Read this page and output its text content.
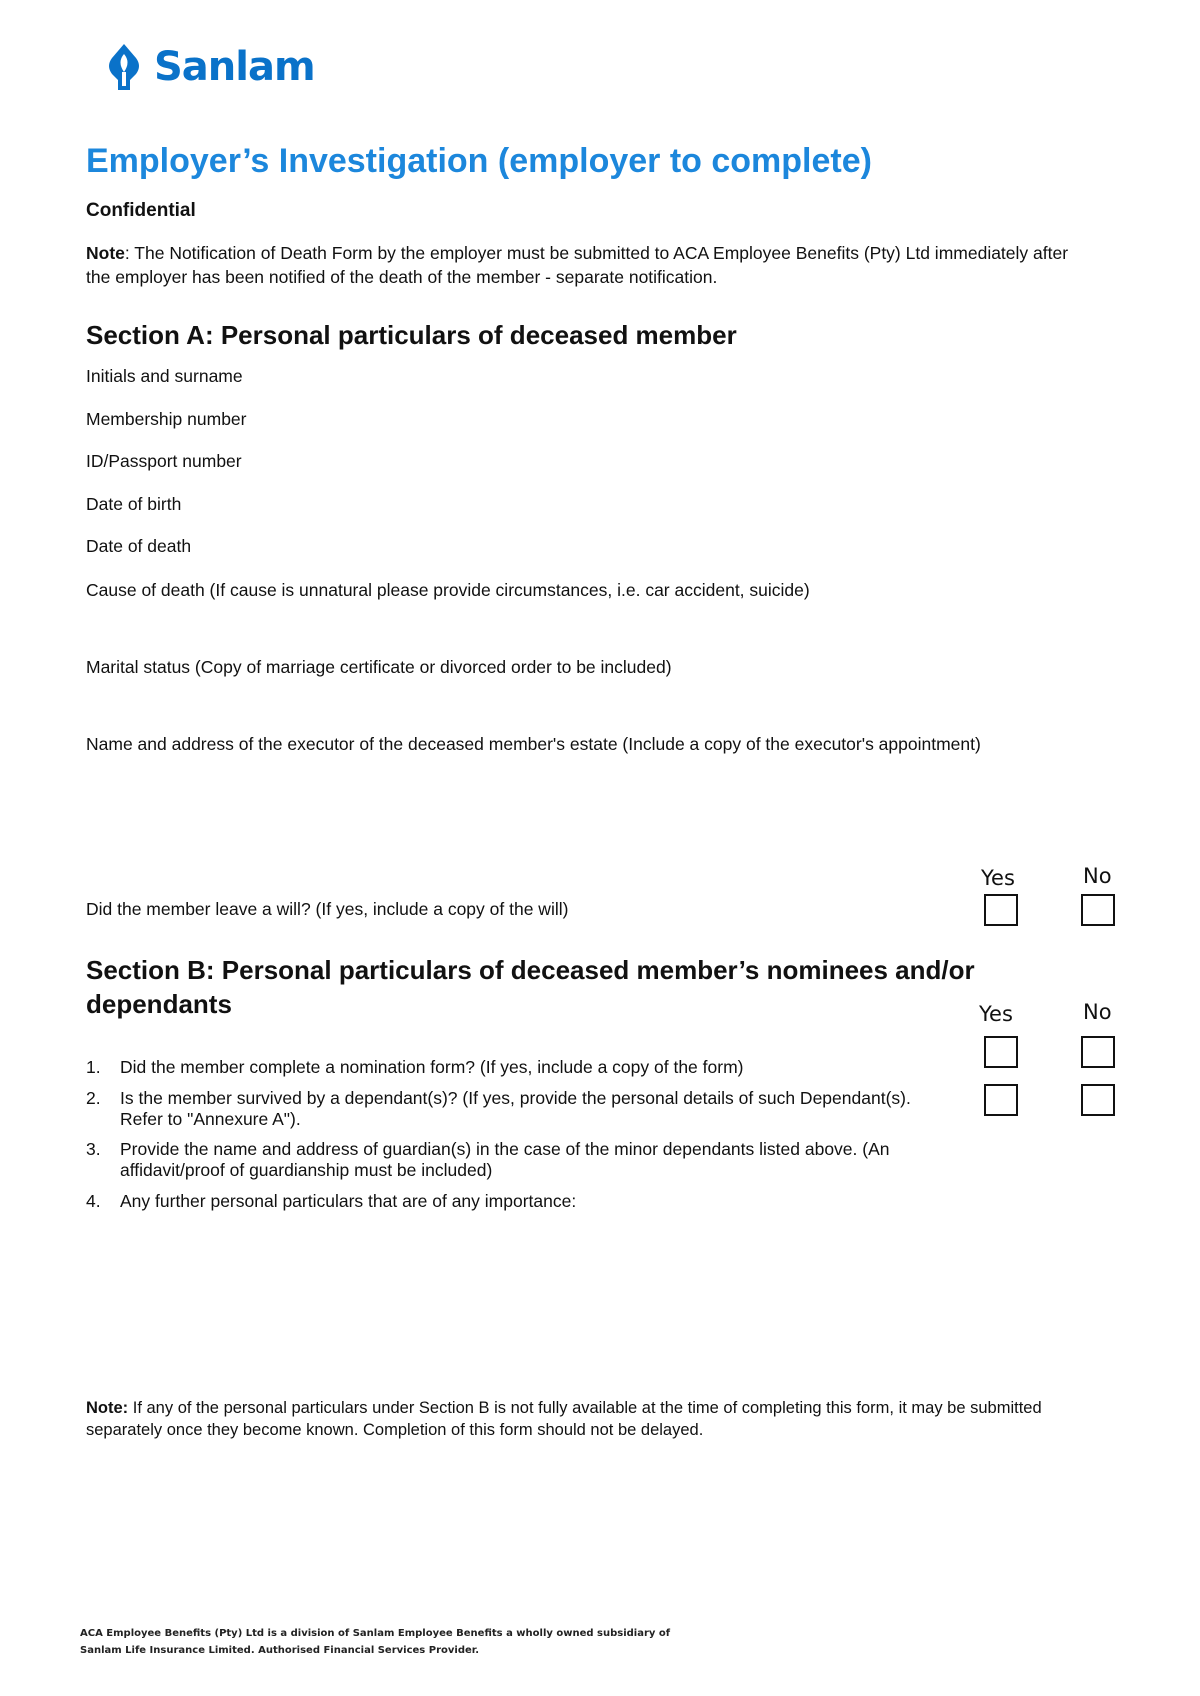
Sanlam
Employer’s Investigation (employer to complete)
Confidential
Note: The Notification of Death Form by the employer must be submitted to ACA Employee Benefits (Pty) Ltd immediately after the employer has been notified of the death of the member - separate notification.
Section A: Personal particulars of deceased member
Initials and surname
Membership number
ID/Passport number
Date of birth
Date of death
Cause of death (If cause is unnatural please provide circumstances, i.e. car accident, suicide)
Marital status (Copy of marriage certificate or divorced order to be included)
Name and address of the executor of the deceased member's estate (Include a copy of the executor's appointment)
Yes	No
Did the member leave a will? (If yes, include a copy of the will)
Section B: Personal particulars of deceased member’s nominees and/or dependants	Yes	No
1.	Did the member complete a nomination form? (If yes, include a copy of the form)
2.	Is the member survived by a dependant(s)? (If yes, provide the personal details of such Dependant(s). Refer to "Annexure A").
3.	Provide the name and address of guardian(s) in the case of the minor dependants listed above. (An affidavit/proof of guardianship must be included)
4.	Any further personal particulars that are of any importance:
Note: If any of the personal particulars under Section B is not fully available at the time of completing this form, it may be submitted separately once they become known. Completion of this form should not be delayed.
ACA Employee Benefits (Pty) Ltd is a division of Sanlam Employee Benefits a wholly owned subsidiary of
Sanlam Life Insurance Limited. Authorised Financial Services Provider.
